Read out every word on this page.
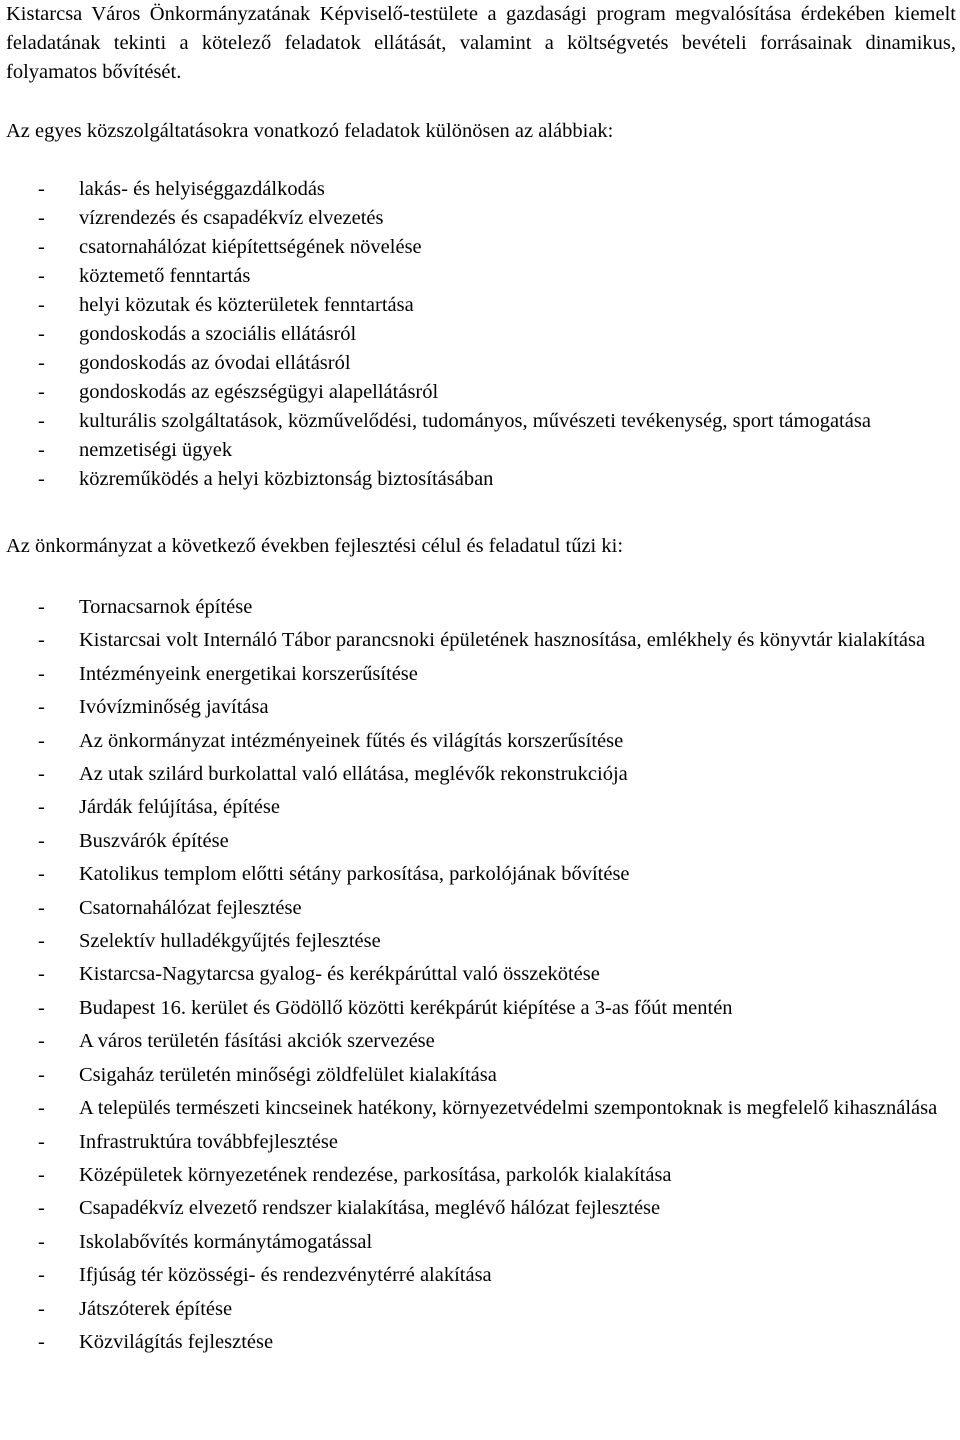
Kistarcsa Város Önkormányzatának Képviselő-testülete a gazdasági program megvalósítása érdekében kiemelt feladatának tekinti a kötelező feladatok ellátását, valamint a költségvetés bevételi forrásainak dinamikus, folyamatos bővítését.

Az egyes közszolgáltatásokra vonatkozó feladatok különösen az alábbiak:

- lakás- és helyiséggazdálkodás
- vízrendezés és csapadékvíz elvezetés
- csatornahálózat kiépítettségének növelése
- köztemető fenntartás
- helyi közutak és közterületek fenntartása
- gondoskodás a szociális ellátásról
- gondoskodás az óvodai ellátásról
- gondoskodás az egészségügyi alapellátásról
- kulturális szolgáltatások, közművelődési, tudományos, művészeti tevékenység, sport támogatása
- nemzetiségi ügyek
- közreműködés a helyi közbiztonság biztosításában

Az önkormányzat a következő években fejlesztési célul és feladatul tűzi ki:

- Tornacsarnok építése
- Kistarcsai volt Internáló Tábor parancsnoki épületének hasznosítása, emlékhely és könyvtár kialakítása
- Intézményeink energetikai korszerűsítése
- Ivóvízminőség javítása
- Az önkormányzat intézményeinek fűtés és világítás korszerűsítése
- Az utak szilárd burkolattal való ellátása, meglévők rekonstrukciója
- Járdák felújítása, építése
- Buszvárók építése
- Katolikus templom előtti sétány parkosítása, parkolójának bővítése
- Csatornahálózat fejlesztése
- Szelektív hulladékgyűjtés fejlesztése
- Kistarcsa-Nagytarcsa gyalog- és kerékpárúttal való összekötése
- Budapest 16. kerület és Gödöllő közötti kerékpárút kiépítése a 3-as főút mentén
- A város területén fásítási akciók szervezése
- Csigaház területén minőségi zöldfelület kialakítása
- A település természeti kincseinek hatékony, környezetvédelmi szempontoknak is megfelelő kihasználása
- Infrastruktúra továbbfejlesztése
- Középületek környezetének rendezése, parkosítása, parkolók kialakítása
- Csapadékvíz elvezető rendszer kialakítása, meglévő hálózat fejlesztése
- Iskolabővítés kormánytámogatással
- Ifjúság tér közösségi- és rendezvénytérré alakítása
- Játszóterek építése
- Közvilágítás fejlesztése
